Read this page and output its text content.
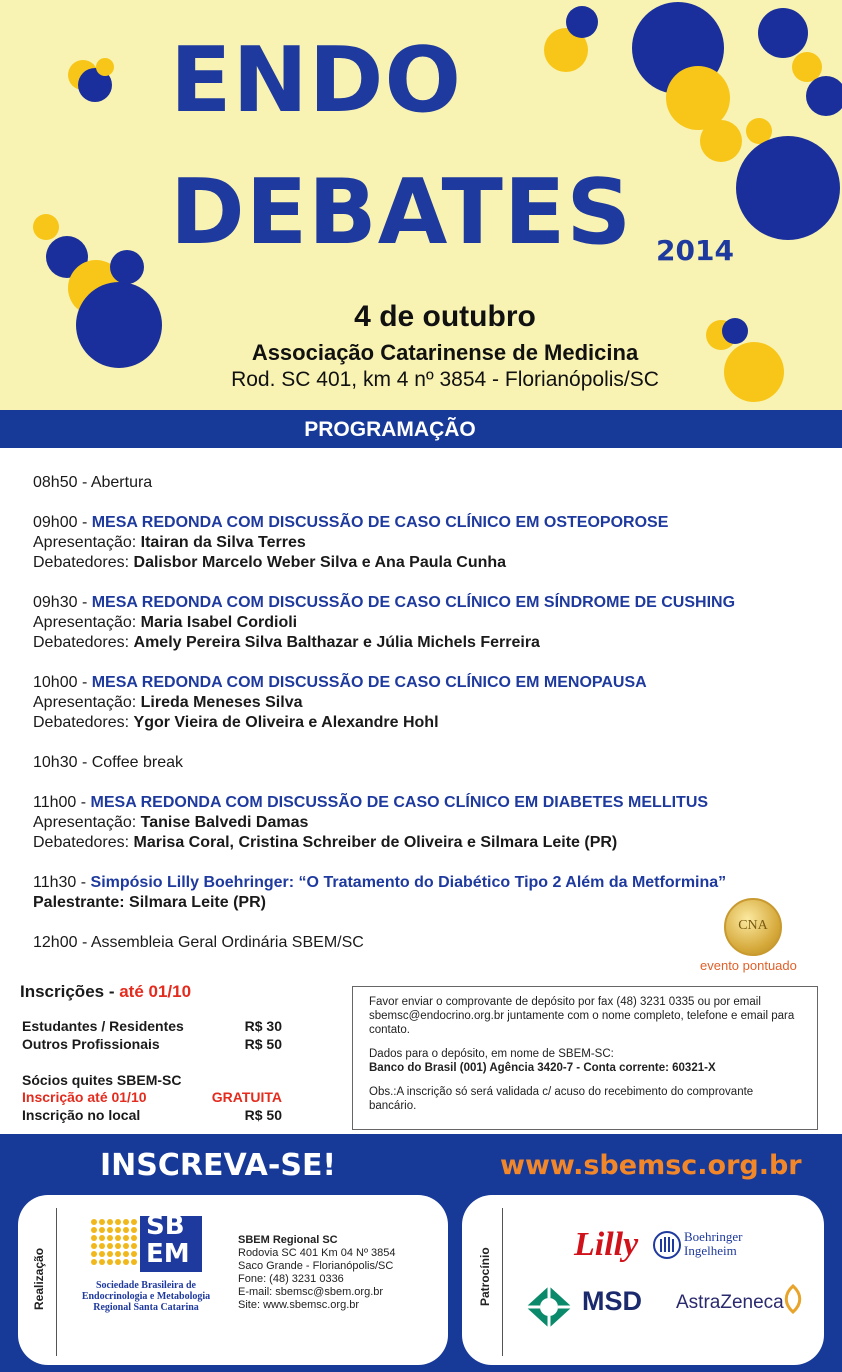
ENDO
DEBATES 2014
4 de outubro
Associação Catarinense de Medicina
Rod. SC 401, km 4 nº 3854 - Florianópolis/SC
PROGRAMAÇÃO
08h50 - Abertura
09h00 - MESA REDONDA COM DISCUSSÃO DE CASO CLÍNICO EM OSTEOPOROSE
Apresentação: Itairan da Silva Terres
Debatedores: Dalisbor Marcelo Weber Silva e Ana Paula Cunha
09h30 - MESA REDONDA COM DISCUSSÃO DE CASO CLÍNICO EM SÍNDROME DE CUSHING
Apresentação: Maria Isabel Cordioli
Debatedores: Amely Pereira Silva Balthazar e Júlia Michels Ferreira
10h00 - MESA REDONDA COM DISCUSSÃO DE CASO CLÍNICO EM MENOPAUSA
Apresentação: Lireda Meneses Silva
Debatedores: Ygor Vieira de Oliveira e Alexandre Hohl
10h30 - Coffee break
11h00 - MESA REDONDA COM DISCUSSÃO DE CASO CLÍNICO EM DIABETES MELLITUS
Apresentação: Tanise Balvedi Damas
Debatedores: Marisa Coral, Cristina Schreiber de Oliveira e Silmara Leite (PR)
11h30 - Simpósio Lilly Boehringer: “O Tratamento do Diabético Tipo 2 Além da Metformina”
Palestrante: Silmara Leite (PR)
12h00 - Assembleia Geral Ordinária SBEM/SC
CNA
evento pontuado
Inscrições - até 01/10
Estudantes / Residentes	R$ 30
Outros Profissionais	R$ 50
Sócios quites SBEM-SC
Inscrição até 01/10	GRATUITA
Inscrição no local	R$ 50

Favor enviar o comprovante de depósito por fax (48) 3231 0335 ou por email sbemsc@endocrino.org.br juntamente com o nome completo, telefone e email para contato.

Dados para o depósito, em nome de SBEM-SC:
Banco do Brasil (001) Agência 3420-7 - Conta corrente: 60321-X

Obs.:A inscrição só será validada c/ acuso do recebimento do comprovante bancário.

INSCREVA-SE!	www.sbemsc.org.br
Realização	Patrocínio
SB
EM
Sociedade Brasileira de Endocrinologia e Metabologia Regional Santa Catarina
SBEM Regional SC
Rodovia SC 401 Km 04 Nº 3854
Saco Grande - Florianópolis/SC
Fone: (48) 3231 0336
E-mail: sbemsc@sbem.org.br
Site: www.sbemsc.org.br
Lilly	Boehringer
Ingelheim
MSD AstraZeneca
